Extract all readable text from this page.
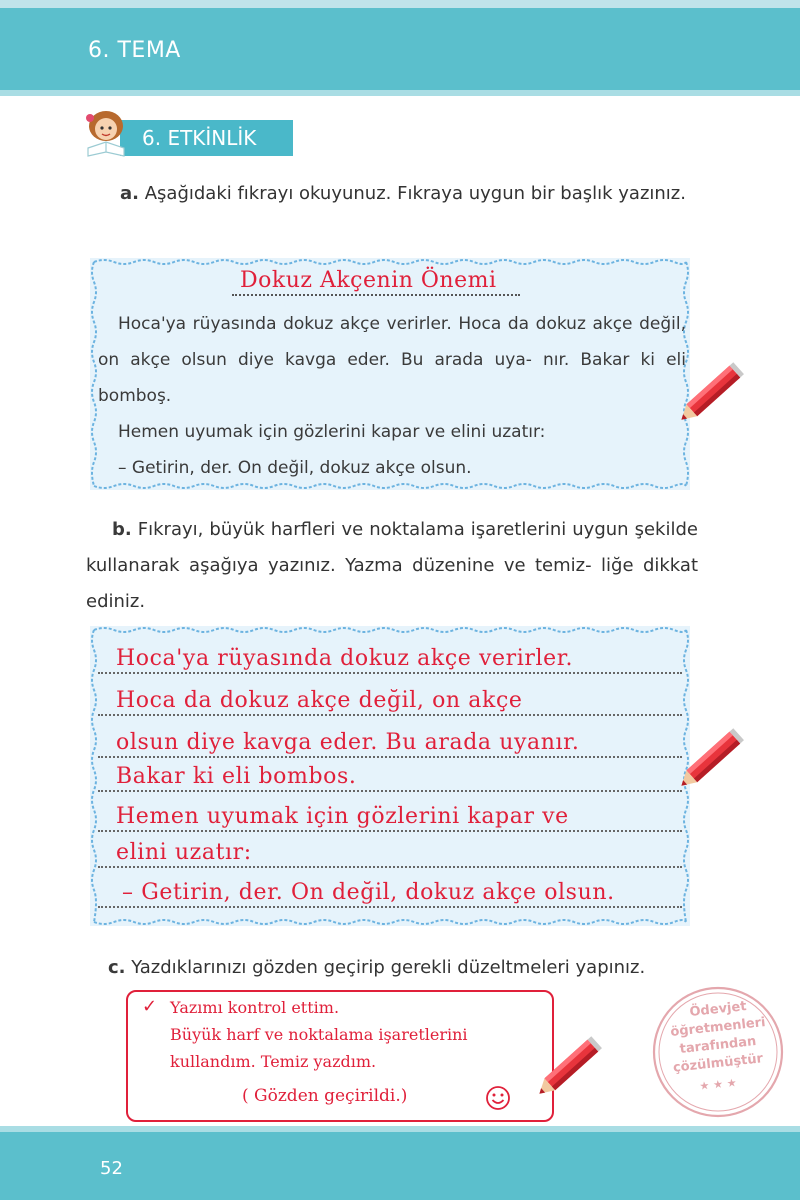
6. TEMA
6. ETKİNLİK
a. Aşağıdaki fıkrayı okuyunuz. Fıkraya uygun bir başlık yazınız.
Dokuz Akçenin Önemi

Hoca'ya rüyasında dokuz akçe verirler. Hoca da dokuz akçe değil, on akçe olsun diye kavga eder. Bu arada uya- nır. Bakar ki eli bomboş.

Hemen uyumak için gözlerini kapar ve elini uzatır:

– Getirin, der. On değil, dokuz akçe olsun.

b. Fıkrayı, büyük harfleri ve noktalama işaretlerini uygun şekilde kullanarak aşağıya yazınız. Yazma düzenine ve temiz- liğe dikkat ediniz.
Hoca'ya rüyasında dokuz akçe verirler.
Hoca da dokuz akçe değil, on akçe
olsun diye kavga eder. Bu arada uyanır.
Bakar ki eli bombos.
Hemen uyumak için gözlerini kapar ve
elini uzatır:
– Getirin, der. On değil, dokuz akçe olsun.
c. Yazdıklarınızı gözden geçirip gerekli düzeltmeleri yapınız.
✓ Yazımı kontrol ettim.
Büyük harf ve noktalama işaretlerini
kullandım. Temiz yazdım.
( Gözden geçirildi.)
Ödevjet
öğretmenleri
tarafından
çözülmüştür
★ ★ ★
52
